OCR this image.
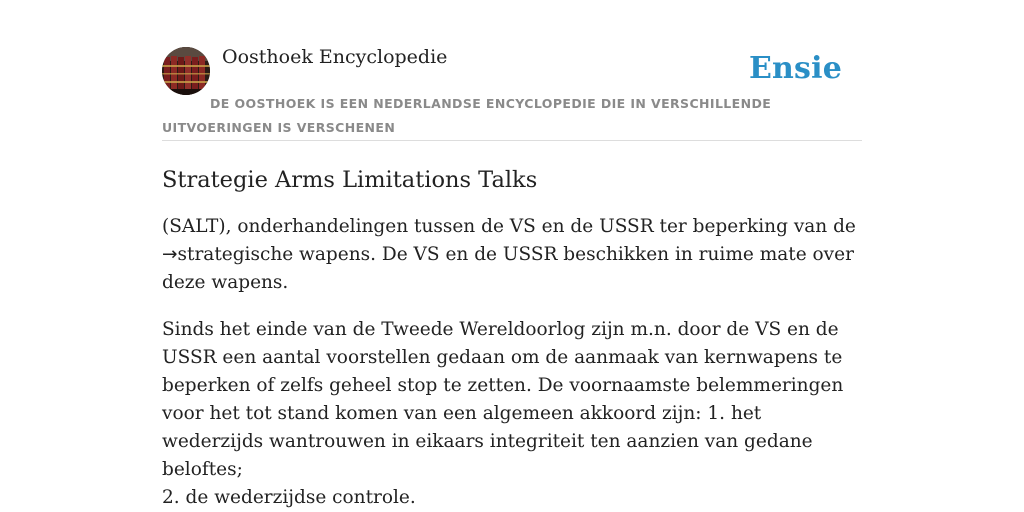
Oosthoek Encyclopedie	Ensie
DE OOSTHOEK IS EEN NEDERLANDSE ENCYCLOPEDIE DIE IN VERSCHILLENDE UITVOERINGEN IS VERSCHENEN
Strategie Arms Limitations Talks

(SALT), onderhandelingen tussen de VS en de USSR ter beperking van de →strategische wapens. De VS en de USSR beschikken in ruime mate over deze wapens.

Sinds het einde van de Tweede Wereldoorlog zijn m.n. door de VS en de USSR een aantal voorstellen gedaan om de aanmaak van kernwapens te beperken of zelfs geheel stop te zetten. De voornaamste belemmeringen voor het tot stand komen van een algemeen akkoord zijn: 1. het wederzijds wantrouwen in eikaars integriteit ten aanzien van gedane beloftes;
2. de wederzijdse controle.
